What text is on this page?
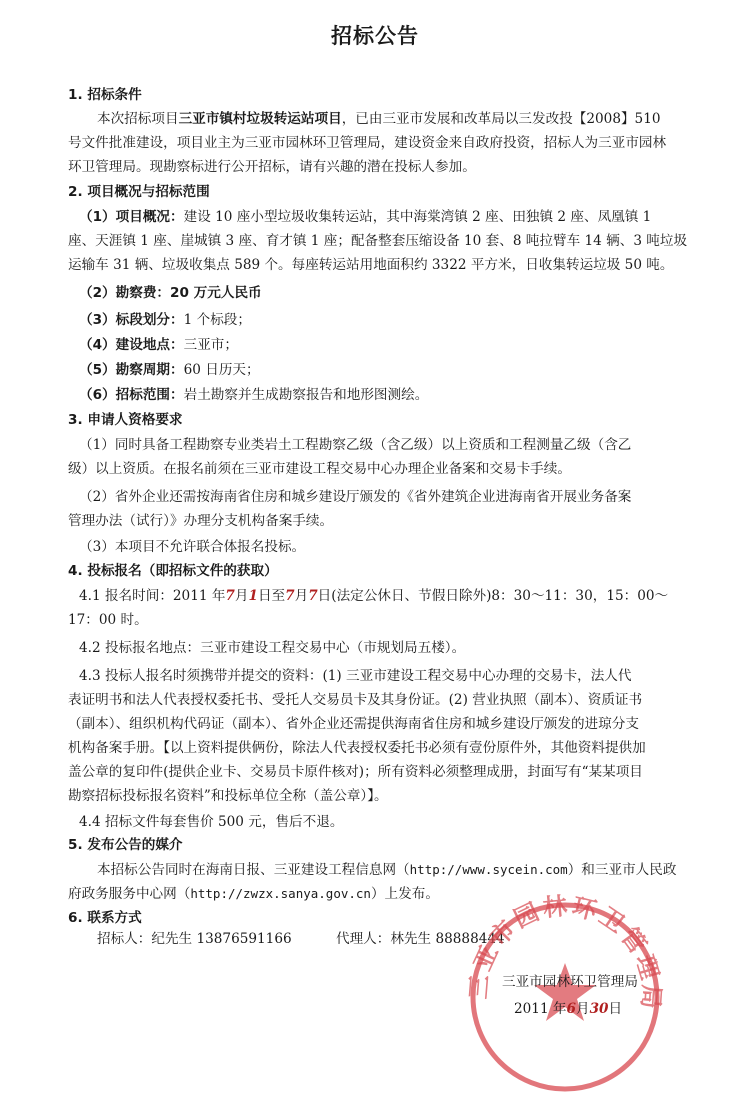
招标公告
1. 招标条件
本次招标项目三亚市镇村垃圾转运站项目，已由三亚市发展和改革局以三发改投【2008】510
号文件批准建设，项目业主为三亚市园林环卫管理局，建设资金来自政府投资，招标人为三亚市园林
环卫管理局。现勘察标进行公开招标，请有兴趣的潜在投标人参加。
2. 项目概况与招标范围
（1）项目概况：建设 10 座小型垃圾收集转运站，其中海棠湾镇 2 座、田独镇 2 座、凤凰镇 1
座、天涯镇 1 座、崖城镇 3 座、育才镇 1 座；配备整套压缩设备 10 套、8 吨拉臂车 14 辆、3 吨垃圾
运输车 31 辆、垃圾收集点 589 个。每座转运站用地面积约 3322 平方米，日收集转运垃圾 50 吨。
（2）勘察费：20 万元人民币
（3）标段划分：1 个标段；
（4）建设地点：三亚市；
（5）勘察周期：60 日历天；
（6）招标范围：岩土勘察并生成勘察报告和地形图测绘。
3. 申请人资格要求
（1）同时具备工程勘察专业类岩土工程勘察乙级（含乙级）以上资质和工程测量乙级（含乙
级）以上资质。在报名前须在三亚市建设工程交易中心办理企业备案和交易卡手续。
（2）省外企业还需按海南省住房和城乡建设厅颁发的《省外建筑企业进海南省开展业务备案
管理办法（试行）》办理分支机构备案手续。
（3）本项目不允许联合体报名投标。
4. 投标报名（即招标文件的获取）
4.1 报名时间：2011 年7月1日至7月7日(法定公休日、节假日除外)8：30～11：30，15：00～
17：00 时。
4.2 投标报名地点：三亚市建设工程交易中心（市规划局五楼）。
4.3 投标人报名时须携带并提交的资料：(1) 三亚市建设工程交易中心办理的交易卡，法人代
表证明书和法人代表授权委托书、受托人交易员卡及其身份证。(2) 营业执照（副本）、资质证书
（副本）、组织机构代码证（副本）、省外企业还需提供海南省住房和城乡建设厅颁发的进琼分支
机构备案手册。【以上资料提供俩份，除法人代表授权委托书必须有壹份原件外，其他资料提供加
盖公章的复印件(提供企业卡、交易员卡原件核对)；所有资料必须整理成册，封面写有“某某项目
勘察招标投标报名资料”和投标单位全称（盖公章）】。
4.4 招标文件每套售价 500 元，售后不退。
5. 发布公告的媒介
本招标公告同时在海南日报、三亚建设工程信息网（http://www.sycein.com）和三亚市人民政
府政务服务中心网（http://zwzx.sanya.gov.cn）上发布。
6. 联系方式
招标人：纪先生 13876591166	代理人：林先生 88888444
三亚市园林环卫管理局
三亚市园林环卫管理局
2011 年6月30日
